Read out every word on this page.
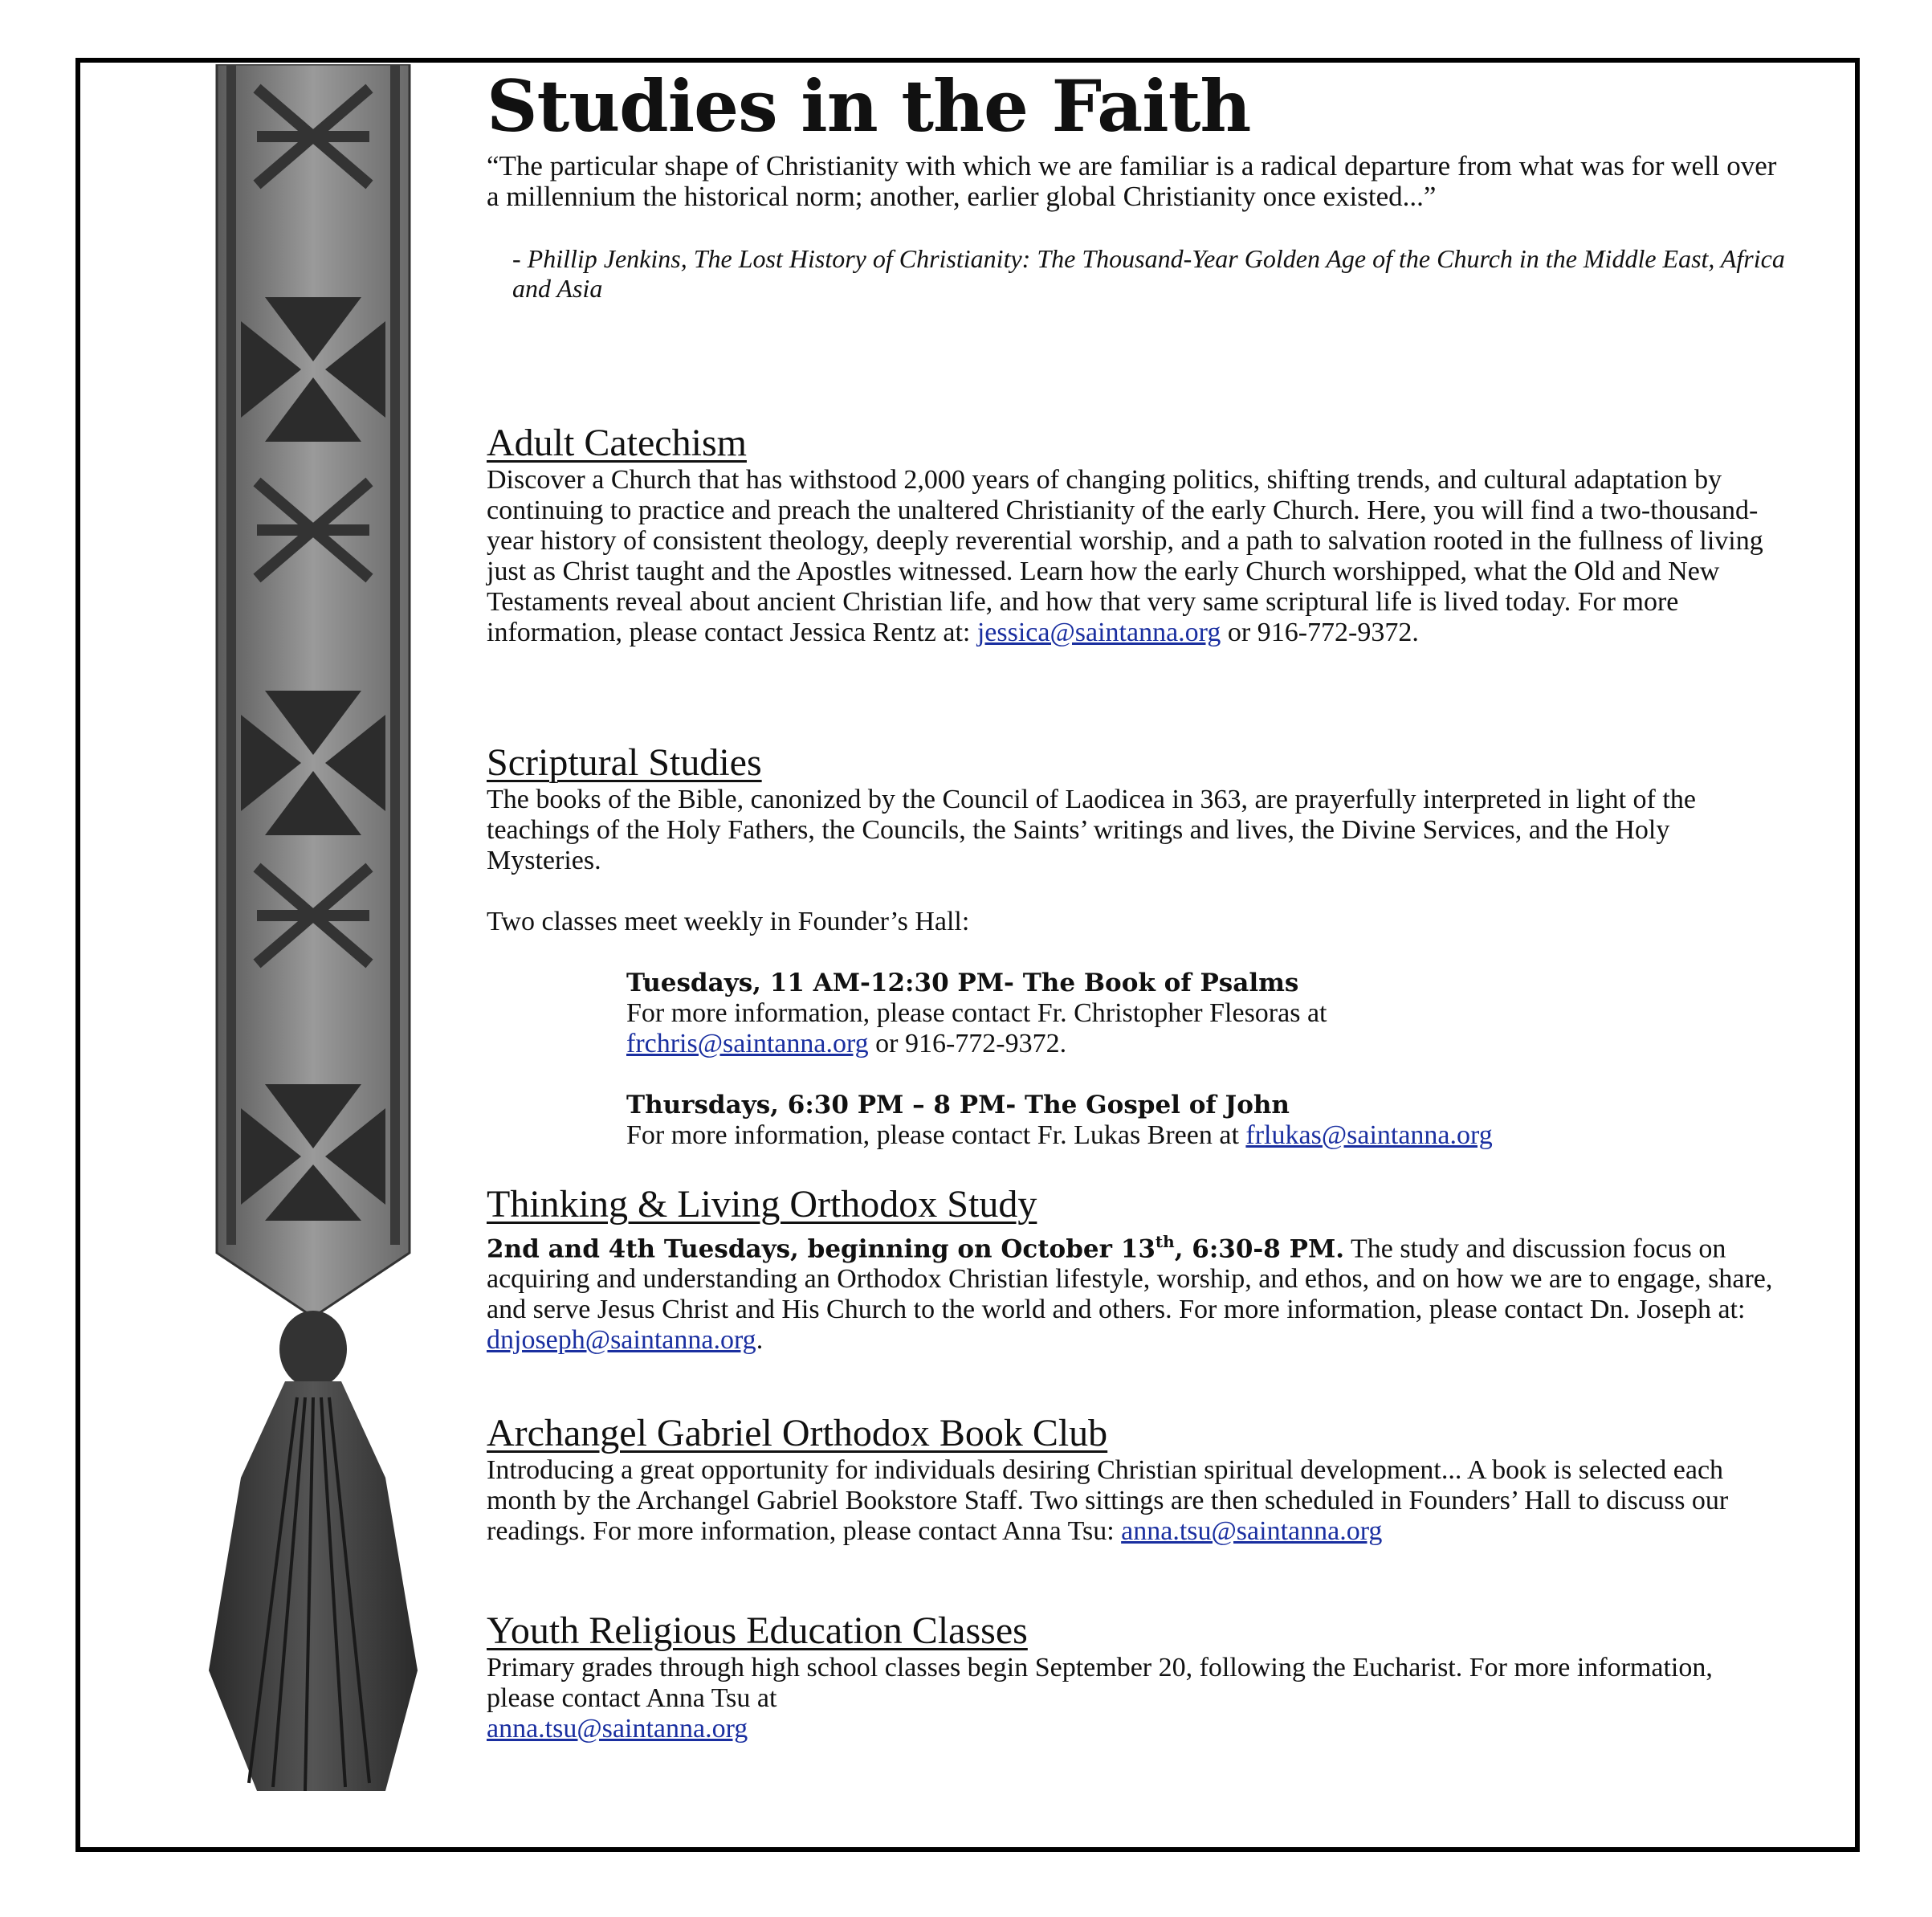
Studies in the Faith

“The particular shape of Christianity with which we are familiar is a radical departure from what was for well over a millennium the historical norm; another, earlier global Christianity once existed...”

- Phillip Jenkins, The Lost History of Christianity: The Thousand-Year Golden Age of the Church in the Middle East, Africa and Asia

Adult Catechism

Discover a Church that has withstood 2,000 years of changing politics, shifting trends, and cultural adaptation by continuing to practice and preach the unaltered Christianity of the early Church. Here, you will find a two-thousand-year history of consistent theology, deeply reverential worship, and a path to salvation rooted in the fullness of living just as Christ taught and the Apostles witnessed. Learn how the early Church worshipped, what the Old and New Testaments reveal about ancient Christian life, and how that very same scriptural life is lived today. For more information, please contact Jessica Rentz at: jessica@saintanna.org or 916-772-9372.

Scriptural Studies

The books of the Bible, canonized by the Council of Laodicea in 363, are prayerfully interpreted in light of the teachings of the Holy Fathers, the Councils, the Saints’ writings and lives, the Divine Services, and the Holy Mysteries.

Two classes meet weekly in Founder’s Hall:

Tuesdays, 11 AM-12:30 PM- The Book of Psalms

For more information, please contact Fr. Christopher Flesoras at
frchris@saintanna.org or 916-772-9372.

Thursdays, 6:30 PM – 8 PM- The Gospel of John

For more information, please contact Fr. Lukas Breen at frlukas@saintanna.org

Thinking & Living Orthodox Study

2nd and 4th Tuesdays, beginning on October 13th, 6:30-8 PM. The study and discussion focus on acquiring and understanding an Orthodox Christian lifestyle, worship, and ethos, and on how we are to engage, share, and serve Jesus Christ and His Church to the world and others. For more information, please contact Dn. Joseph at:
dnjoseph@saintanna.org.

Archangel Gabriel Orthodox Book Club

Introducing a great opportunity for individuals desiring Christian spiritual development... A book is selected each month by the Archangel Gabriel Bookstore Staff. Two sittings are then scheduled in Founders’ Hall to discuss our readings. For more information, please contact Anna Tsu: anna.tsu@saintanna.org

Youth Religious Education Classes

Primary grades through high school classes begin September 20, following the Eucharist. For more information, please contact Anna Tsu at
anna.tsu@saintanna.org
